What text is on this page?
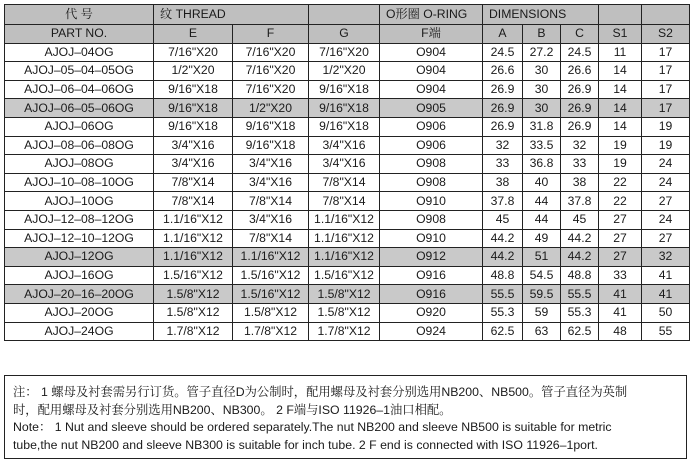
代 号	纹 THREAD			O形圈 O-RING	DIMENSIONS				
PART NO.	E	F	G	F端	A	B	C	S1	S2
AJOJ–04OG	7/16"X20	7/16"X20	7/16"X20	O904	24.5	27.2	24.5	11	17
AJOJ–05–04–05OG	1/2"X20	7/16"X20	1/2"X20	O904	26.6	30	26.6	14	17
AJOJ–06–04–06OG	9/16"X18	7/16"X20	9/16"X18	O904	26.9	30	26.9	14	17
AJOJ–06–05–06OG	9/16"X18	1/2"X20	9/16"X18	O905	26.9	30	26.9	14	17
AJOJ–06OG	9/16"X18	9/16"X18	9/16"X18	O906	26.9	31.8	26.9	14	19
AJOJ–08–06–08OG	3/4"X16	9/16"X18	3/4"X16	O906	32	33.5	32	19	19
AJOJ–08OG	3/4"X16	3/4"X16	3/4"X16	O908	33	36.8	33	19	24
AJOJ–10–08–10OG	7/8"X14	3/4"X16	7/8"X14	O908	38	40	38	22	24
AJOJ–10OG	7/8"X14	7/8"X14	7/8"X14	O910	37.8	44	37.8	22	27
AJOJ–12–08–12OG	1.1/16"X12	3/4"X16	1.1/16"X12	O908	45	44	45	27	24
AJOJ–12–10–12OG	1.1/16"X12	7/8"X14	1.1/16"X12	O910	44.2	49	44.2	27	27
AJOJ–12OG	1.1/16"X12	1.1/16"X12	1.1/16"X12	O912	44.2	51	44.2	27	32
AJOJ–16OG	1.5/16"X12	1.5/16"X12	1.5/16"X12	O916	48.8	54.5	48.8	33	41
AJOJ–20–16–20OG	1.5/8"X12	1.5/16"X12	1.5/8"X12	O916	55.5	59.5	55.5	41	41
AJOJ–20OG	1.5/8"X12	1.5/8"X12	1.5/8"X12	O920	55.3	59	55.3	41	50
AJOJ–24OG	1.7/8"X12	1.7/8"X12	1.7/8"X12	O924	62.5	63	62.5	48	55

注： 1 螺母及衬套需另行订货。管子直径D为公制时，配用螺母及衬套分别选用NB200、NB500。管子直径为英制

时，配用螺母及衬套分别选用NB200、NB300。 2 F端与ISO 11926–1油口相配。

Note： 1 Nut and sleeve should be ordered separately.The nut NB200 and sleeve NB500 is suitable for metric

tube,the nut NB200 and sleeve NB300 is suitable for inch tube. 2 F end is connected with ISO 11926–1port.
